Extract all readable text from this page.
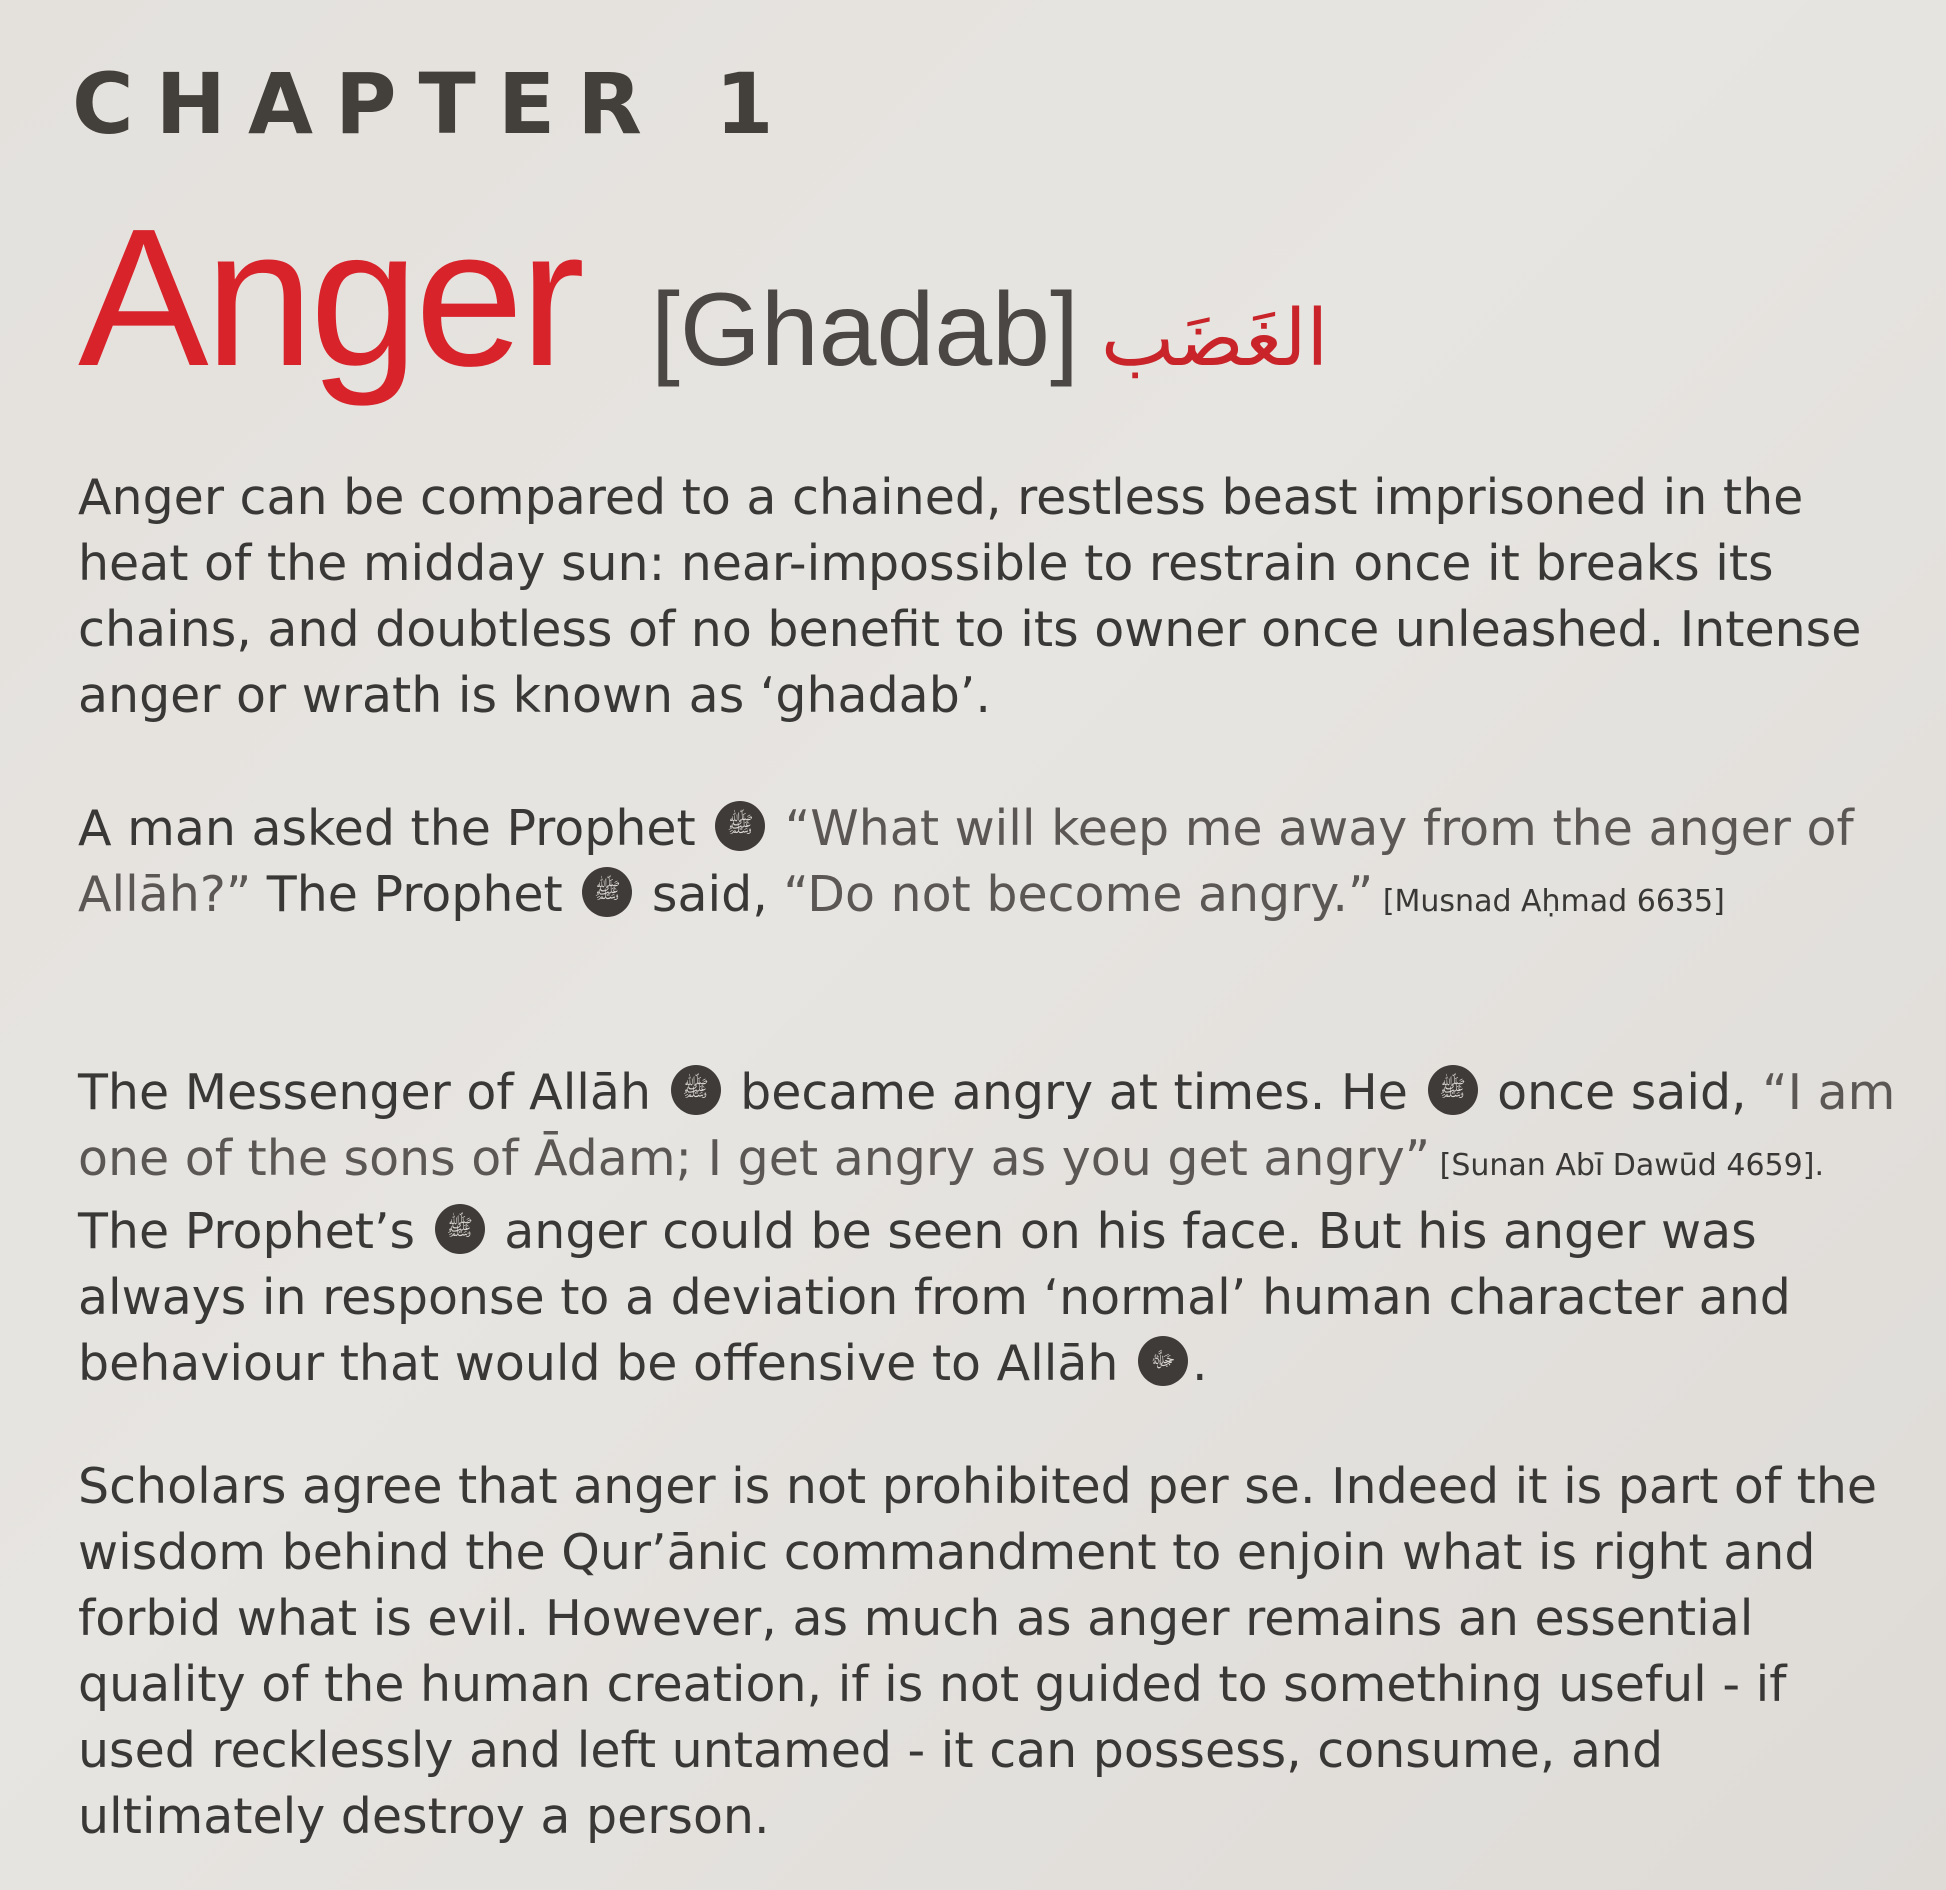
CHAPTER 1
Anger [Ghadab] الغَضَب

Anger can be compared to a chained, restless beast imprisoned in the heat of the midday sun: near-impossible to restrain once it breaks its chains, and doubtless of no benefit to its owner once unleashed. Intense anger or wrath is known as ‘ghadab’.

A man asked the Prophet ﷺ “What will keep me away from the anger of Allāh?” The Prophet ﷺ said, “Do not become angry.” [Musnad Aḥmad 6635]

The Messenger of Allāh ﷺ became angry at times. He ﷺ once said, “I am one of the sons of Ādam; I get angry as you get angry” [Sunan Abī Dawūd 4659]. The Prophet’s ﷺ anger could be seen on his face. But his anger was always in response to a deviation from ‘normal’ human character and behaviour that would be offensive to Allāh ﷻ .

Scholars agree that anger is not prohibited per se. Indeed it is part of the wisdom behind the Qur’ānic commandment to enjoin what is right and forbid what is evil. However, as much as anger remains an essential quality of the human creation, if is not guided to something useful - if used recklessly and left untamed - it can possess, consume, and ultimately destroy a person.
